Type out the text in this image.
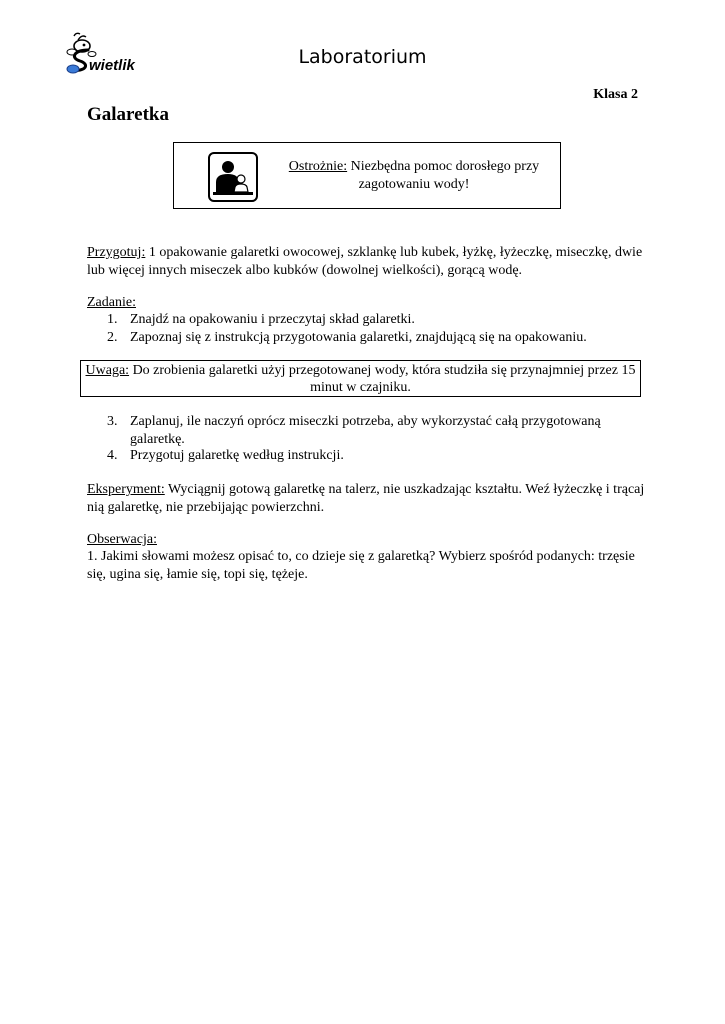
wietlik	Laboratorium
Klasa 2
Galaretka
Ostrożnie: Niezbędna pomoc dorosłego przy zagotowaniu wody!
Przygotuj: 1 opakowanie galaretki owocowej, szklankę lub kubek, łyżkę, łyżeczkę, miseczkę, dwie lub więcej innych miseczek albo kubków (dowolnej wielkości), gorącą wodę.
Zadanie:
1. Znajdź na opakowaniu i przeczytaj skład galaretki.
2. Zapoznaj się z instrukcją przygotowania galaretki, znajdującą się na opakowaniu.
Uwaga: Do zrobienia galaretki użyj przegotowanej wody, która studziła się przynajmniej przez 15 minut w czajniku.
3. Zaplanuj, ile naczyń oprócz miseczki potrzeba, aby wykorzystać całą przygotowaną galaretkę.
4. Przygotuj galaretkę według instrukcji.
Eksperyment: Wyciągnij gotową galaretkę na talerz, nie uszkadzając kształtu. Weź łyżeczkę i trącaj nią galaretkę, nie przebijając powierzchni.
Obserwacja:
1. Jakimi słowami możesz opisać to, co dzieje się z galaretką? Wybierz spośród podanych: trzęsie się, ugina się, łamie się, topi się, tężeje.
